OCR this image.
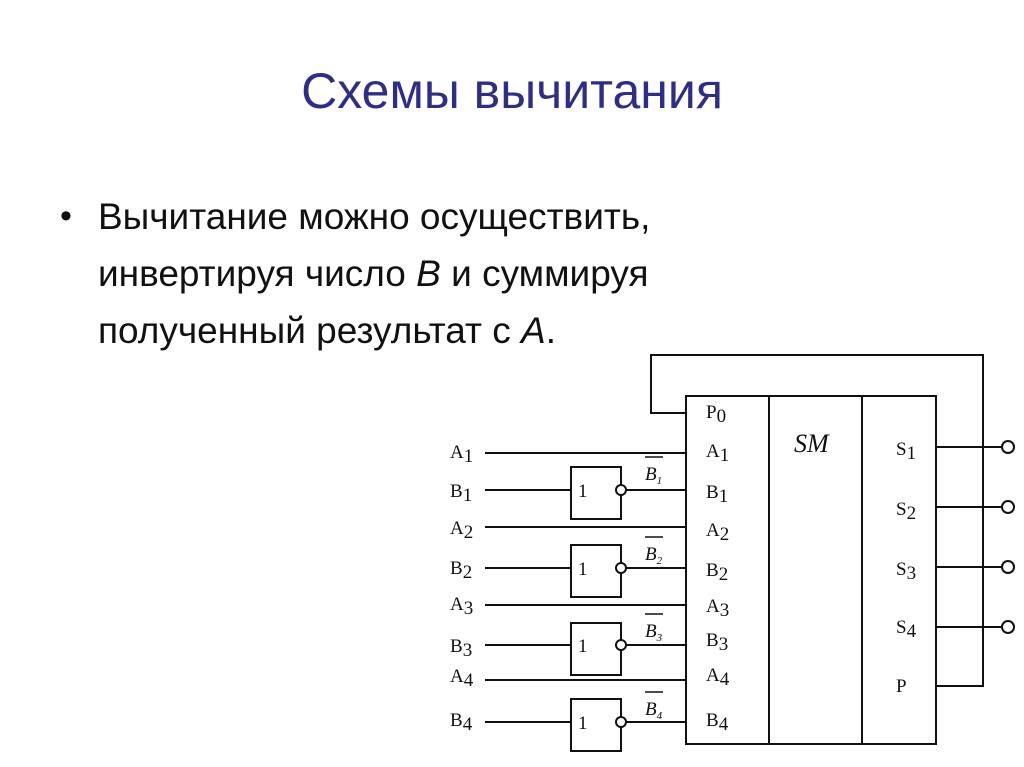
Схемы вычитания
• Вычитание можно осуществить, инвертируя число B и суммируя полученный результат с A.
SM
P0
A1
B1
A2
B2
A3
B3
A4
B4
A1
B1
A2
B2
A3
B3
A4
B4
1
1
1
1
$B_1$
$B_2$
$B_3$
$B_4$
S1
S2
S3
S4
P
